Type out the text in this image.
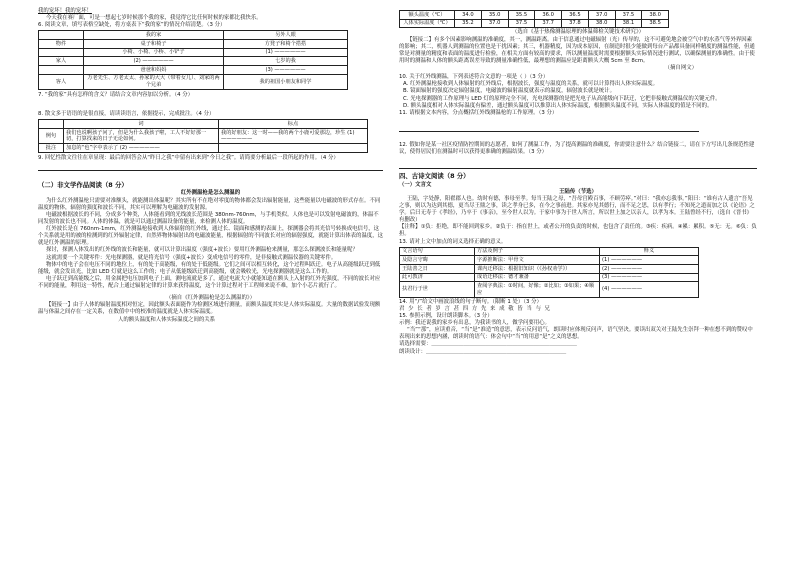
我的宠坏！我的宠坏！
今天我在赛厂面，可是一想起七岁时候那个我的家，我觉得它比任何时候的家都比我快乐。
6. 阅读文章，填写表格空缺处，将方桌表下“我的家”的情况介绍清楚。（3 分）
	我的家	另外人眼
物件	桌子和椅子	方凳子和椅个搭搭
	小椅、小椅、小桥、小铲子	(1) ——————
家人	(2) ——————	七岁的我
	爸爸和妈妈	(3) ——————
客人	万老先生、方老太太、孙家的大大（带着女儿）、刘家的两个兄弟	我的祖国小朋友和同学
7. “我的家”具有怎样的含义？请结合文章内容加以分析。（4 分）
8. 散文多于语语的是很直接，请读读语言，依据提示，完成批注。（4 分）
	词	标点
例句	我们也说啊孩子问了，但是为什么我孩子啦，工人不好好那一切，打算找来的日子无论如何。	我的好朋友：这一时——我的两个小鹿可爱那边，珍生 (1) ——————
批注	加息的“也”字中表示了 (2) ——————	
9. 回忆性散文往往在章显现：最后的回答会从“昨日之我”中留有出来到“今日之我”。请简要分析最后一段所起的作用。（4 分）
（二）非文学作品阅读（8 分）
红外测温枪是怎么测温的
为什么红外测温枪只需要对准额头，就能测出体温呢？其实所有不在绝对零度的物体都会发出辐射能量，这些能量以电磁波的形式存在。不同温度的物体，辐射的强度和波长不同，其实可以理解为电磁波的发射源。
电磁波根据波长的不同，分成多个种类，人体能看到的光线波长范围是 380nm-760nm，与手机类似。人体也是可以发射电磁波的，体温不同发射的波长也不同。人体的体温，就是可以通过测温设备的能量，来检测人体的温度。
红外波长是在 760nm-1mm，红外测温枪接收到人体辐射的红外线，通过长、镜面和感测的表面上，探测器会将其光信号转换成电信号，这个关系就是用的被的检测到的红外辐射定律，自然界物体辐射出的电磁波能量，根据辐射的不同波长对应的辐射强度，就能计算出体表的温度，这就是红外测温的原理。
探讨，探测人体发出的红外线的波长和能量，就可以计算出温度（强度+波长）要用红外测温枪来测量，那怎么探测波长和能量呢？
这就需要一个关键零件：光电探测器，就是将光信号（强度+波长）变成电信号的零件，是非接触式测温仪器的关键零件。
物体中的电子会在电压不同的地位上，有的处于高能级，有的处于低能级。它们之间可以相互转化，这个过程叫跃迁。电子从高能级跃迁到低能级，就会发出光，比如 LED 灯就是这么工作的；电子从低能级跃迁到高能级，就会吸收光，光电探测器就是这么工作的。
电子跃迁到高能级之后，用金属把电压加到电子上面，测电流就是多了，通过电流大小就能知道在额头上入射的红外光强度，不同的波长对应不同的能量，利用这一特性，配合上通过辐射定律的计算来获得温度，这个计算过程对于工程师来说不难，加个小芯片就行了。
（摘自《红外测温枪是怎么测温的》）
【链接一】由于人体的辐射温度相对恒定，因此额头表面能作为检测区域进行测量，而额头温度其实是人体实际温度。大量的数据试验发现额温与体温之间存在一定关系，在数值中中的校准的温度就是人体实际温度。
人的额头温度和人体实际温度之间的关系
额头温度（℃）	34.0	35.0	35.5	36.0	36.5	37.0	37.5	38.0
人体实际温度（℃）	35.2	37.0	37.5	37.7	37.8	38.0	38.1	38.5
（选自《基于热像测温原理的体温筛检关键技术研究》）
【链接二】有多个因素影响测温的准确度，其一，测温距离。由于信息通过电磁辐射（光）传导的，这不可避免地会被空气中的水蒸气等外界因素的影响；其二，机器人到测温的位置也是干扰因素；其三，机器精度，因为成本原因，在制造时很少能做到每台产品都具备同样精度的测温性能，但通常是对测量的精度和表面的温度进行检验，在相关方面有较高的要求，所以测量温度时需要根据额头实际情况进行测试，以确保测量的准确性。由于使用时的测温和人体的额头距离误差导致的测量准确性低，最理想的测温应是距离额头大概 5cm 至 8cm。
（摘自网文）
10. 关于红外线测温，下列表述符合文意的一项是（ ）（3 分）
A. 红外测温枪接收到人体辐射的红外线后，根据波长，强度与温度的关系，就可以计算得出人体实际温度。
B. 镜面辐射的强度决定辐射温度，电磁波的辐射温度就表示的温度，辐射波长就是统计。
C. 光电探测器的工作原理与 LED 灯的原理完全不同，光电探测器的是把光电子从高能级向下跃迁，它把非接触式测温仪的关键元件。
D. 额头温度相对人体实际温度有偏差，通过额头温度可以推算出人体实际温度，根据额头温度不同，实际人体温度的值是不同的。
11. 请根据文本内容，分点概括红外线测温枪的工作原理。（3 分）
12. 假如你是某一社区疫情防控期间的志愿者，如何了测温工作，为了提高测温的准确度，你需要注意什么？结合链接二，请在下方写出几条规范性建议，使得居民们在测温时可以获得更准确的测温结果。（3 分）
四、古诗文阅读（8 分）
（一）文言文
王陆传（节选）
王陆，字处静，阳翟郡人也。幼时有德，事母至孝。每当王陆之母，“吾母宫殿百事，不顾劳瘁。”对曰：“我亦忘我事。”阳曰：“谁有古人遗言”吾见之事，则以为达到其德，更当尽王鼎之事，读之孝身已多，在今之事前进。其家亦见其德行，而不足之思，以有孝行；不知死之道而加之以《论语》之学。后曰无寿于《孝经》，乃卒于《事亲》，至今世人以为。于家中事为于世人所言，所以世上加之以亲人，以孝为本。王陆曾经不行，（选自《晋书》有删改）
【注释】①负：拒绝，即不能回到家乡。②负于：指在世上，或者公开的负责的时候，也包含了责任的。③疾：疾病。④累：累积。⑤无：无。⑥负：负担。
13. 请对上文中加点的词义选择正确的意义。
文言语句	方法及例子	释义
及隐言守晦	字源推断法：甲骨文	(1) ——————
王陆善之日	课内迁移法：根据旧知识（《孙权劝学》）	(2) ——————
此可教济	成语迁移法：德才兼备	(3) ——————
扶君行于世	查阅字典法：①时间，好像；②比如；③如果；④顺应	(4) ——————
14. 用“/”给文中画波浪线的句子断句。（限断 1 处）（3 分）
君 少 长 者 岁 言 甚 四 方 先 来 成 敬 皆 当 与 兄
15. 参照示例，设计朗读脚本。（3 分）
示例：我还说我的家乡有出息，为我读书的人，做学问要用心。
“当”“那”，应读重音，“当”是“准造”的意思，表示反问语气，朗读时应体现反问声，语气坚决。要读出双关对王陆先生崇拜一种在想不到的赞叹中表现出来的思想内涵，朗读时的语气：体会句中“当”的用意“是”之义的思想。
请选择需要：＿＿＿＿＿＿＿＿＿＿＿＿＿＿＿＿＿＿＿＿＿＿＿＿＿＿＿
朗读设计：＿＿＿＿＿＿＿＿＿＿＿＿＿＿＿＿＿＿＿＿＿＿＿＿＿＿
